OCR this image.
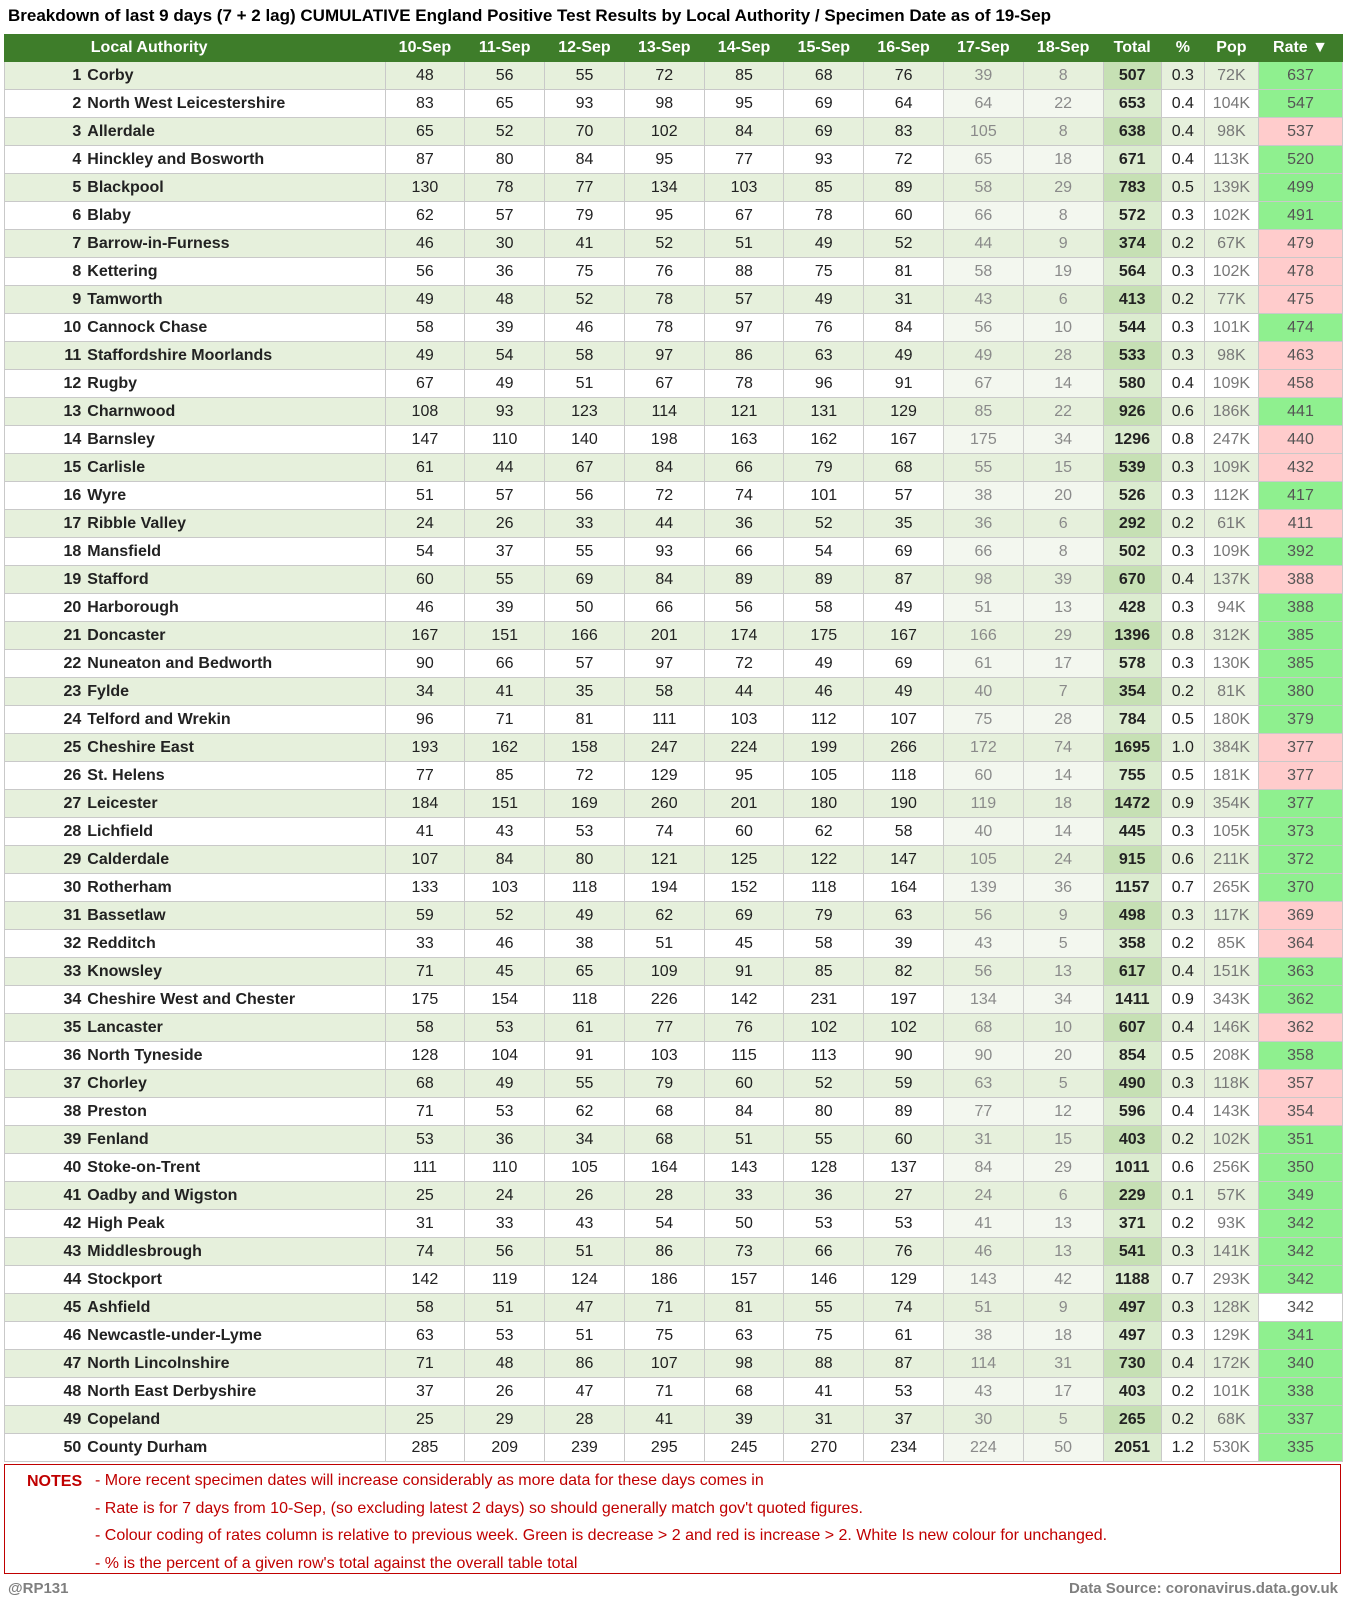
Breakdown of last 9 days (7 + 2 lag) CUMULATIVE England Positive Test Results by Local Authority / Specimen Date as of 19-Sep
	Local Authority	10-Sep	11-Sep	12-Sep	13-Sep	14-Sep	15-Sep	16-Sep	17-Sep	18-Sep	Total	%	Pop	Rate ▼
1	Corby	48	56	55	72	85	68	76	39	8	507	0.3	72K	637
2	North West Leicestershire	83	65	93	98	95	69	64	64	22	653	0.4	104K	547
3	Allerdale	65	52	70	102	84	69	83	105	8	638	0.4	98K	537
4	Hinckley and Bosworth	87	80	84	95	77	93	72	65	18	671	0.4	113K	520
5	Blackpool	130	78	77	134	103	85	89	58	29	783	0.5	139K	499
6	Blaby	62	57	79	95	67	78	60	66	8	572	0.3	102K	491
7	Barrow-in-Furness	46	30	41	52	51	49	52	44	9	374	0.2	67K	479
8	Kettering	56	36	75	76	88	75	81	58	19	564	0.3	102K	478
9	Tamworth	49	48	52	78	57	49	31	43	6	413	0.2	77K	475
10	Cannock Chase	58	39	46	78	97	76	84	56	10	544	0.3	101K	474
11	Staffordshire Moorlands	49	54	58	97	86	63	49	49	28	533	0.3	98K	463
12	Rugby	67	49	51	67	78	96	91	67	14	580	0.4	109K	458
13	Charnwood	108	93	123	114	121	131	129	85	22	926	0.6	186K	441
14	Barnsley	147	110	140	198	163	162	167	175	34	1296	0.8	247K	440
15	Carlisle	61	44	67	84	66	79	68	55	15	539	0.3	109K	432
16	Wyre	51	57	56	72	74	101	57	38	20	526	0.3	112K	417
17	Ribble Valley	24	26	33	44	36	52	35	36	6	292	0.2	61K	411
18	Mansfield	54	37	55	93	66	54	69	66	8	502	0.3	109K	392
19	Stafford	60	55	69	84	89	89	87	98	39	670	0.4	137K	388
20	Harborough	46	39	50	66	56	58	49	51	13	428	0.3	94K	388
21	Doncaster	167	151	166	201	174	175	167	166	29	1396	0.8	312K	385
22	Nuneaton and Bedworth	90	66	57	97	72	49	69	61	17	578	0.3	130K	385
23	Fylde	34	41	35	58	44	46	49	40	7	354	0.2	81K	380
24	Telford and Wrekin	96	71	81	111	103	112	107	75	28	784	0.5	180K	379
25	Cheshire East	193	162	158	247	224	199	266	172	74	1695	1.0	384K	377
26	St. Helens	77	85	72	129	95	105	118	60	14	755	0.5	181K	377
27	Leicester	184	151	169	260	201	180	190	119	18	1472	0.9	354K	377
28	Lichfield	41	43	53	74	60	62	58	40	14	445	0.3	105K	373
29	Calderdale	107	84	80	121	125	122	147	105	24	915	0.6	211K	372
30	Rotherham	133	103	118	194	152	118	164	139	36	1157	0.7	265K	370
31	Bassetlaw	59	52	49	62	69	79	63	56	9	498	0.3	117K	369
32	Redditch	33	46	38	51	45	58	39	43	5	358	0.2	85K	364
33	Knowsley	71	45	65	109	91	85	82	56	13	617	0.4	151K	363
34	Cheshire West and Chester	175	154	118	226	142	231	197	134	34	1411	0.9	343K	362
35	Lancaster	58	53	61	77	76	102	102	68	10	607	0.4	146K	362
36	North Tyneside	128	104	91	103	115	113	90	90	20	854	0.5	208K	358
37	Chorley	68	49	55	79	60	52	59	63	5	490	0.3	118K	357
38	Preston	71	53	62	68	84	80	89	77	12	596	0.4	143K	354
39	Fenland	53	36	34	68	51	55	60	31	15	403	0.2	102K	351
40	Stoke-on-Trent	111	110	105	164	143	128	137	84	29	1011	0.6	256K	350
41	Oadby and Wigston	25	24	26	28	33	36	27	24	6	229	0.1	57K	349
42	High Peak	31	33	43	54	50	53	53	41	13	371	0.2	93K	342
43	Middlesbrough	74	56	51	86	73	66	76	46	13	541	0.3	141K	342
44	Stockport	142	119	124	186	157	146	129	143	42	1188	0.7	293K	342
45	Ashfield	58	51	47	71	81	55	74	51	9	497	0.3	128K	342
46	Newcastle-under-Lyme	63	53	51	75	63	75	61	38	18	497	0.3	129K	341
47	North Lincolnshire	71	48	86	107	98	88	87	114	31	730	0.4	172K	340
48	North East Derbyshire	37	26	47	71	68	41	53	43	17	403	0.2	101K	338
49	Copeland	25	29	28	41	39	31	37	30	5	265	0.2	68K	337
50	County Durham	285	209	239	295	245	270	234	224	50	2051	1.2	530K	335
NOTES - More recent specimen dates will increase considerably as more data for these days comes in
- Rate is for 7 days from 10-Sep, (so excluding latest 2 days) so should generally match gov't quoted figures.
- Colour coding of rates column is relative to previous week. Green is decrease > 2 and red is increase > 2. White Is new colour for unchanged.
- % is the percent of a given row's total against the overall table total
@RP131	Data Source: coronavirus.data.gov.uk
